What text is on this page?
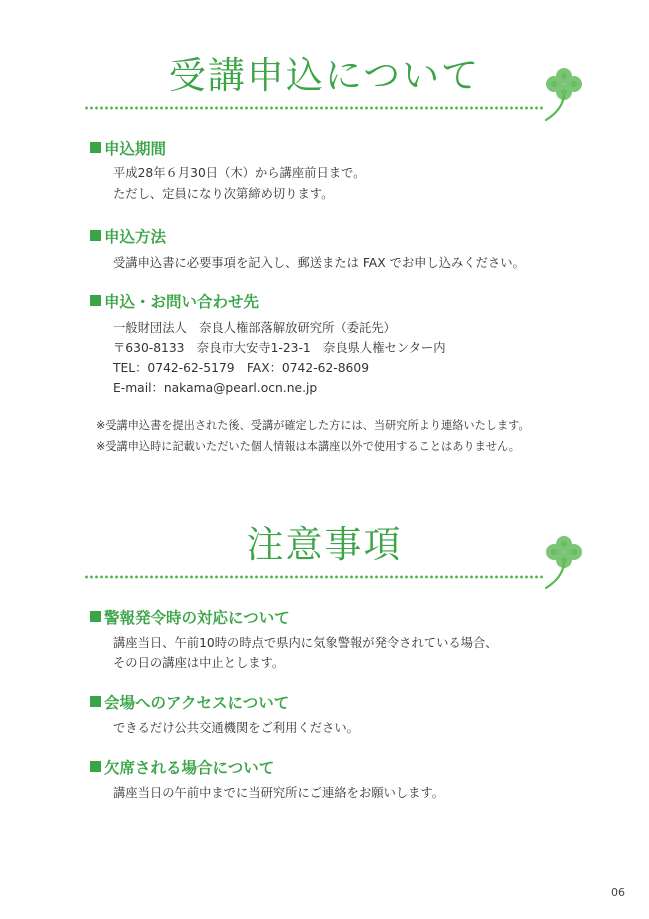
受講申込について
申込期間
平成28年６月30日（木）から講座前日まで。
ただし、定員になり次第締め切ります。
申込方法
受講申込書に必要事項を記入し、郵送または FAX でお申し込みください。
申込・お問い合わせ先
一般財団法人　奈良人権部落解放研究所（委託先）
〒630-8133　奈良市大安寺1-23-1　奈良県人権センター内
TEL：0742-62-5179　FAX：0742-62-8609
E-mail：nakama@pearl.ocn.ne.jp
※受講申込書を提出された後、受講が確定した方には、当研究所より連絡いたします。
※受講申込時に記載いただいた個人情報は本講座以外で使用することはありません。
注意事項
警報発令時の対応について
講座当日、午前10時の時点で県内に気象警報が発令されている場合、
その日の講座は中止とします。
会場へのアクセスについて
できるだけ公共交通機関をご利用ください。
欠席される場合について
講座当日の午前中までに当研究所にご連絡をお願いします。
06
